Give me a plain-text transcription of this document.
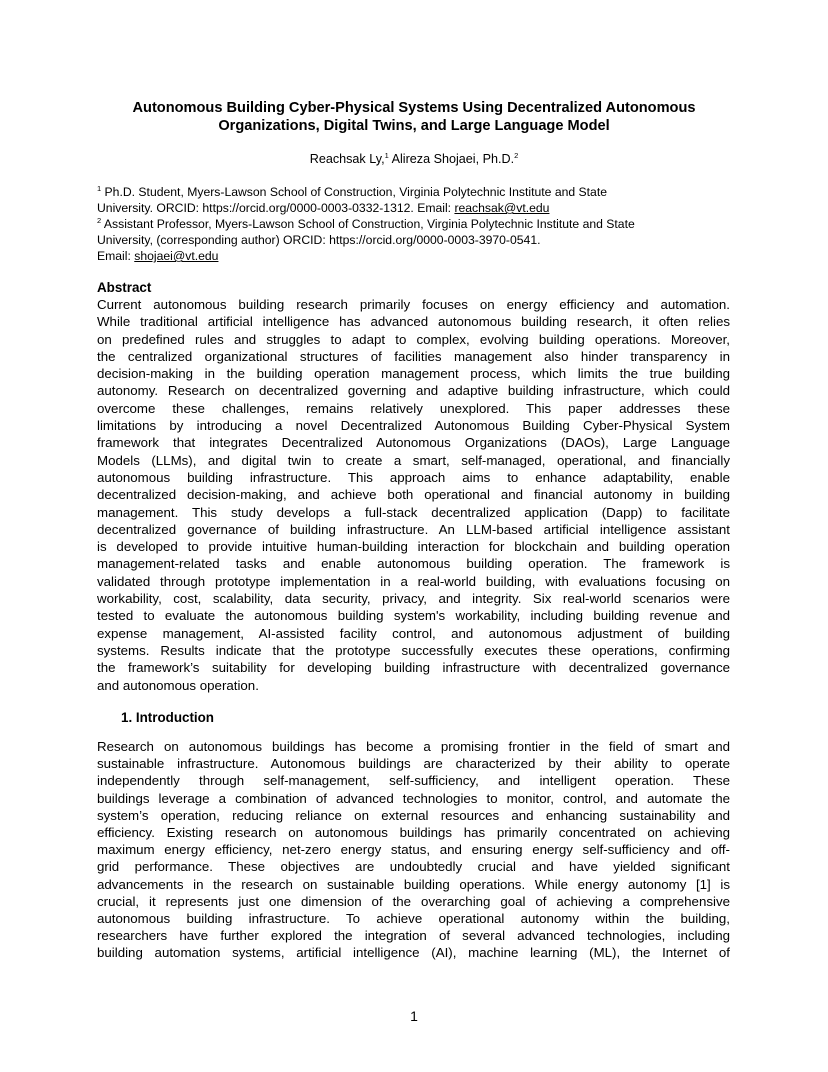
Autonomous Building Cyber-Physical Systems Using Decentralized Autonomous
Organizations, Digital Twins, and Large Language Model
Reachsak Ly,$^1$ Alireza Shojaei, Ph.D.$^2$
$^1$ Ph.D. Student, Myers-Lawson School of Construction, Virginia Polytechnic Institute and State
University. ORCID: https://orcid.org/0000-0003-0332-1312. Email: reachsak@vt.edu
$^2$ Assistant Professor, Myers-Lawson School of Construction, Virginia Polytechnic Institute and State
University, (corresponding author) ORCID: https://orcid.org/0000-0003-3970-0541.
Email: shojaei@vt.edu
Abstract
Current autonomous building research primarily focuses on energy efficiency and automation.
While traditional artificial intelligence has advanced autonomous building research, it often relies
on predefined rules and struggles to adapt to complex, evolving building operations. Moreover,
the centralized organizational structures of facilities management also hinder transparency in
decision-making in the building operation management process, which limits the true building
autonomy. Research on decentralized governing and adaptive building infrastructure, which could
overcome these challenges, remains relatively unexplored. This paper addresses these
limitations by introducing a novel Decentralized Autonomous Building Cyber-Physical System
framework that integrates Decentralized Autonomous Organizations (DAOs), Large Language
Models (LLMs), and digital twin to create a smart, self-managed, operational, and financially
autonomous building infrastructure. This approach aims to enhance adaptability, enable
decentralized decision-making, and achieve both operational and financial autonomy in building
management. This study develops a full-stack decentralized application (Dapp) to facilitate
decentralized governance of building infrastructure. An LLM-based artificial intelligence assistant
is developed to provide intuitive human-building interaction for blockchain and building operation
management-related tasks and enable autonomous building operation. The framework is
validated through prototype implementation in a real-world building, with evaluations focusing on
workability, cost, scalability, data security, privacy, and integrity. Six real-world scenarios were
tested to evaluate the autonomous building system's workability, including building revenue and
expense management, AI-assisted facility control, and autonomous adjustment of building
systems. Results indicate that the prototype successfully executes these operations, confirming
the framework’s suitability for developing building infrastructure with decentralized governance
and autonomous operation.
1. Introduction
Research on autonomous buildings has become a promising frontier in the field of smart and
sustainable infrastructure. Autonomous buildings are characterized by their ability to operate
independently through self-management, self-sufficiency, and intelligent operation. These
buildings leverage a combination of advanced technologies to monitor, control, and automate the
system’s operation, reducing reliance on external resources and enhancing sustainability and
efficiency. Existing research on autonomous buildings has primarily concentrated on achieving
maximum energy efficiency, net-zero energy status, and ensuring energy self-sufficiency and off-
grid performance. These objectives are undoubtedly crucial and have yielded significant
advancements in the research on sustainable building operations. While energy autonomy [1] is
crucial, it represents just one dimension of the overarching goal of achieving a comprehensive
autonomous building infrastructure. To achieve operational autonomy within the building,
researchers have further explored the integration of several advanced technologies, including
building automation systems, artificial intelligence (AI), machine learning (ML), the Internet of
1
